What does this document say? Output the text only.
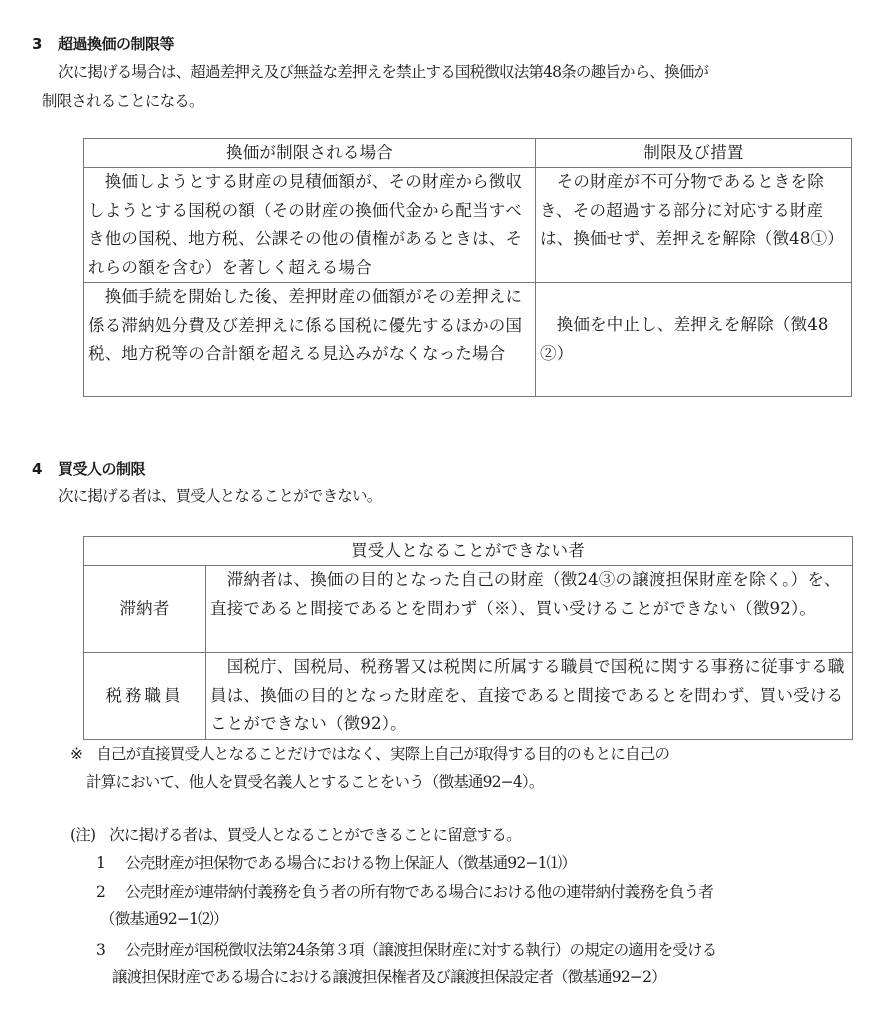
3 超過換価の制限等
次に掲げる場合は、超過差押え及び無益な差押えを禁止する国税徴収法第48条の趣旨から、換価が
制限されることになる。
換価が制限される場合	制限及び措置
　換価しようとする財産の見積価額が、その財産から徴収しようとする国税の額（その財産の換価代金から配当すべき他の国税、地方税、公課その他の債権があるときは、それらの額を含む）を著しく超える場合	　その財産が不可分物であるときを除き、その超過する部分に対応する財産は、換価せず、差押えを解除（徴48①）
　換価手続を開始した後、差押財産の価額がその差押えに係る滞納処分費及び差押えに係る国税に優先するほかの国税、地方税等の合計額を超える見込みがなくなった場合	　換価を中止し、差押えを解除（徴48②）
4 買受人の制限
次に掲げる者は、買受人となることができない。
買受人となることができない者	
滞納者	　滞納者は、換価の目的となった自己の財産（徴24③の譲渡担保財産を除く。）を、直接であると間接であるとを問わず（※）、買い受けることができない（徴92）。
税務職員	　国税庁、国税局、税務署又は税関に所属する職員で国税に関する事務に従事する職員は、換価の目的となった財産を、直接であると間接であるとを問わず、買い受けることができない（徴92）。
※ 自己が直接買受人となることだけではなく、実際上自己が取得する目的のもとに自己の
計算において、他人を買受名義人とすることをいう（徴基通92−4）。
(注) 次に掲げる者は、買受人となることができることに留意する。
1 公売財産が担保物である場合における物上保証人（徴基通92−1⑴）
2 公売財産が連帯納付義務を負う者の所有物である場合における他の連帯納付義務を負う者
（徴基通92−1⑵）
3 公売財産が国税徴収法第24条第３項（譲渡担保財産に対する執行）の規定の適用を受ける
譲渡担保財産である場合における譲渡担保権者及び譲渡担保設定者（徴基通92−2）
